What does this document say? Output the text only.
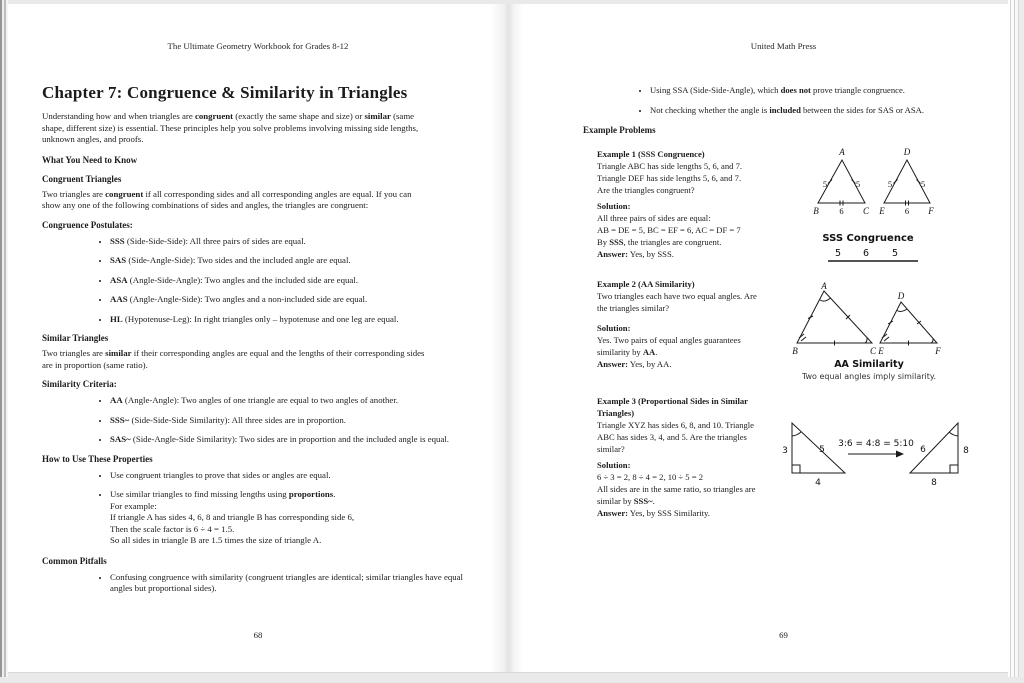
The Ultimate Geometry Workbook for Grades 8-12
Chapter 7: Congruence & Similarity in Triangles
Understanding how and when triangles are congruent (exactly the same shape and size) or similar (same
shape, different size) is essential. These principles help you solve problems involving missing side lengths,
unknown angles, and proofs.
What You Need to Know
Congruent Triangles
Two triangles are congruent if all corresponding sides and all corresponding angles are equal. If you can
show any one of the following combinations of sides and angles, the triangles are congruent:
Congruence Postulates:
• SSS (Side-Side-Side): All three pairs of sides are equal.
• SAS (Side-Angle-Side): Two sides and the included angle are equal.
• ASA (Angle-Side-Angle): Two angles and the included side are equal.
• AAS (Angle-Angle-Side): Two angles and a non-included side are equal.
• HL (Hypotenuse-Leg): In right triangles only – hypotenuse and one leg are equal.
Similar Triangles
Two triangles are similar if their corresponding angles are equal and the lengths of their corresponding sides
are in proportion (same ratio).
Similarity Criteria:
• AA (Angle-Angle): Two angles of one triangle are equal to two angles of another.
• SSS~ (Side-Side-Side Similarity): All three sides are in proportion.
• SAS~ (Side-Angle-Side Similarity): Two sides are in proportion and the included angle is equal.
How to Use These Properties
• Use congruent triangles to prove that sides or angles are equal.
• Use similar triangles to find missing lengths using proportions.
For example:
If triangle A has sides 4, 6, 8 and triangle B has corresponding side 6,
Then the scale factor is 6 ÷ 4 = 1.5.
So all sides in triangle B are 1.5 times the size of triangle A.
Common Pitfalls
• Confusing congruence with similarity (congruent triangles are identical; similar triangles have equal
angles but proportional sides).
68
United Math Press
• Using SSA (Side-Side-Angle), which does not prove triangle congruence.
• Not checking whether the angle is included between the sides for SAS or ASA.
Example Problems
Example 1 (SSS Congruence)
Triangle ABC has side lengths 5, 6, and 7.
Triangle DEF has side lengths 5, 6, and 7.
Are the triangles congruent?
Solution:
All three pairs of sides are equal:
AB = DE = 5, BC = EF = 6, AC = DF = 7
By SSS, the triangles are congruent.
Answer: Yes, by SSS.
Example 2 (AA Similarity)
Two triangles each have two equal angles. Are
the triangles similar?
Solution:
Yes. Two pairs of equal angles guarantees
similarity by AA.
Answer: Yes, by AA.
Example 3 (Proportional Sides in Similar
Triangles)
Triangle XYZ has sides 6, 8, and 10. Triangle
ABC has sides 3, 4, and 5. Are the triangles
similar?
Solution:
6 ÷ 3 = 2, 8 ÷ 4 = 2, 10 ÷ 5 = 2
All sides are in the same ratio, so triangles are
similar by SSS~.
Answer: Yes, by SSS Similarity.
A
B	C
D
E	F
5	5
6
5	5
6
SSS Congruence
5 6 5
A
B	C
D
E	F
AA Similarity
Two equal angles imply similarity.
3	5
4
3:6 = 4:8 = 5:10
6	8
8
69
